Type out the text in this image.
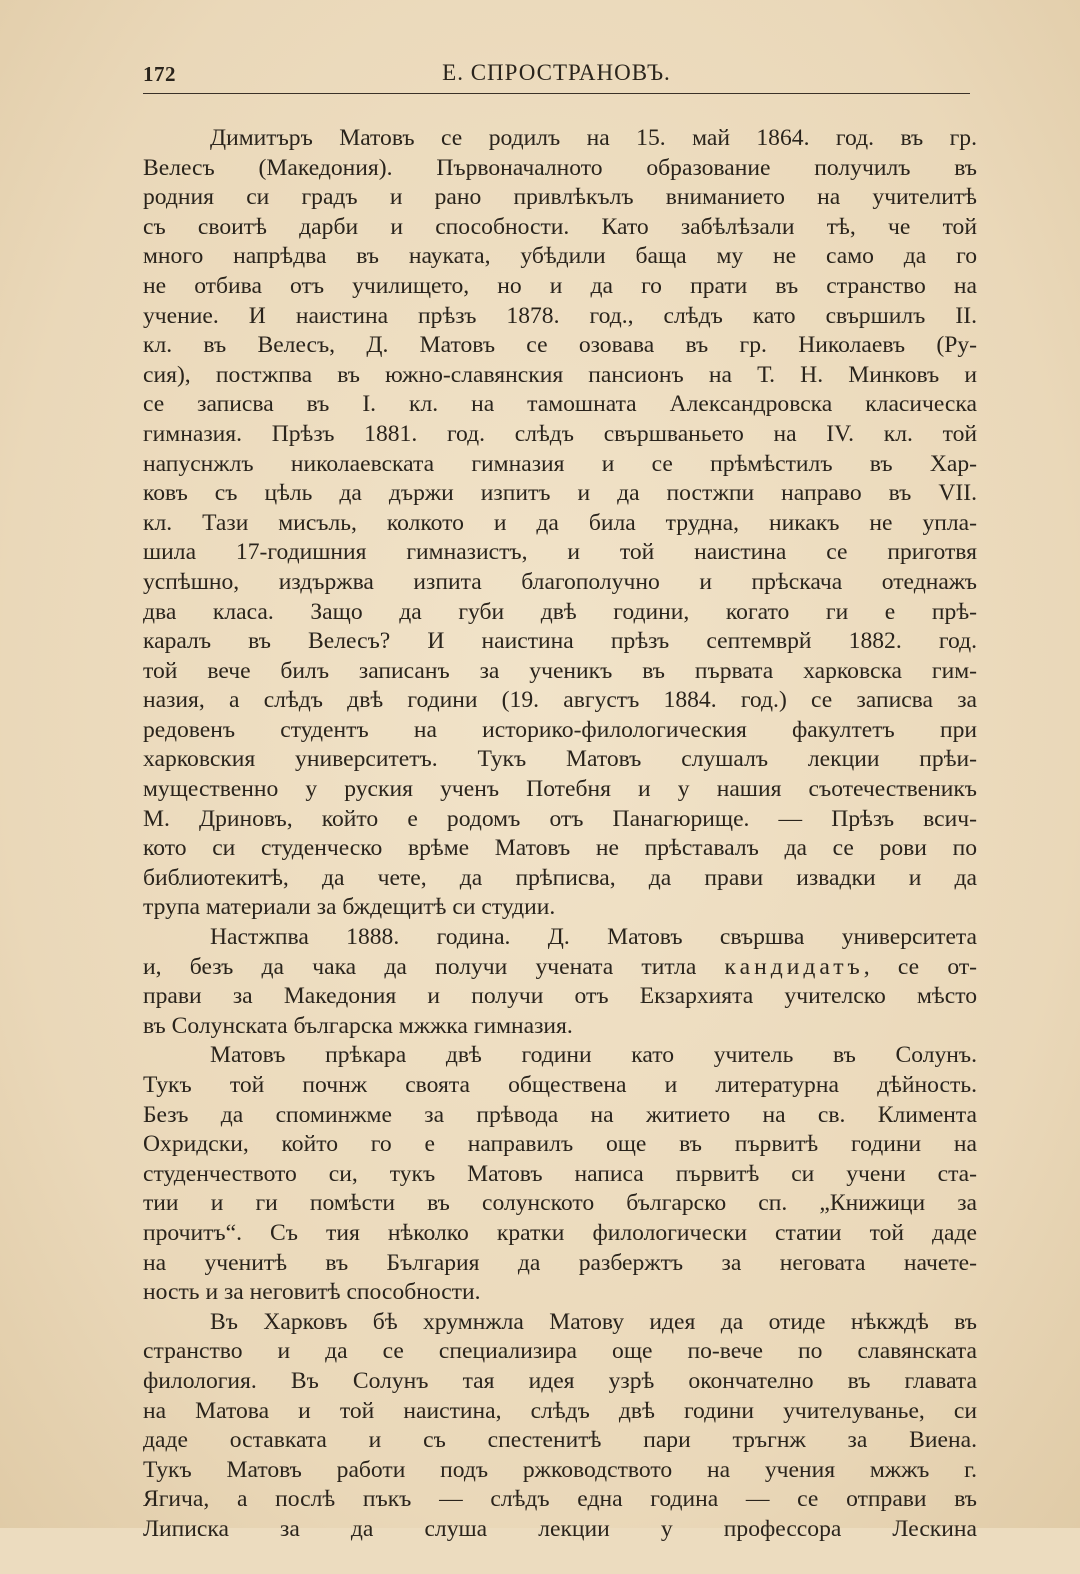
172	Е. СПРОСТРАНОВЪ.
Димитъръ Матовъ се родилъ на 15. май 1864. год. въ гр.
Велесъ (Македония). Първоначалното образование получилъ въ
родния си градъ и рано привлѣкълъ вниманието на учителитѣ
съ своитѣ дарби и способности. Като забѣлѣзали тѣ, че той
много напрѣдва въ науката, убѣдили баща му не само да го
не отбива отъ училището, но и да го прати въ странство на
учение. И наистина прѣзъ 1878. год., слѣдъ като свършилъ II.
кл. въ Велесъ, Д. Матовъ се озовава въ гр. Николаевъ (Ру-
сия), постжпва въ южно-славянския пансионъ на Т. Н. Минковъ и
се записва въ I. кл. на тамошната Александровска класическа
гимназия. Прѣзъ 1881. год. слѣдъ свършваньето на IV. кл. той
напуснжлъ николаевската гимназия и се прѣмѣстилъ въ Хар-
ковъ съ цѣль да държи изпитъ и да постжпи направо въ VII.
кл. Тази мисъль, колкото и да била трудна, никакъ не упла-
шила 17-годишния гимназистъ, и той наистина се приготвя
успѣшно, издържва изпита благополучно и прѣскача отеднажъ
два класа. Защо да губи двѣ години, когато ги е прѣ-
каралъ въ Велесъ? И наистина прѣзъ септемврй 1882. год.
той вече билъ записанъ за ученикъ въ първата харковска гим-
назия, а слѣдъ двѣ години (19. августъ 1884. год.) се записва за
редовенъ студентъ на историко-филологическия факултетъ при
харковския университетъ. Тукъ Матовъ слушалъ лекции прѣи-
мущественно у руския ученъ Потебня и у нашия съотечественикъ
М. Дриновъ, който е родомъ отъ Панагюрище. — Прѣзъ всич-
кото си студенческо врѣме Матовъ не прѣставалъ да се рови по
библиотекитѣ, да чете, да прѣписва, да прави извадки и да
трупа материали за бждещитѣ си студии.
Настжпва 1888. година. Д. Матовъ свършва университета
и, безъ да чака да получи учената титла кандидатъ, се от-
прави за Македония и получи отъ Екзархията учителско мѣсто
въ Солунската българска мжжка гимназия.
Матовъ прѣкара двѣ години като учитель въ Солунъ.
Тукъ той почнж своята обществена и литературна дѣйность.
Безъ да споминжме за прѣвода на житието на св. Климента
Охридски, който го е направилъ още въ първитѣ години на
студенчеството си, тукъ Матовъ написа първитѣ си учени ста-
тии и ги помѣсти въ солунското българско сп. „Книжици за
прочитъ“. Съ тия нѣколко кратки филологически статии той даде
на ученитѣ въ България да разбержтъ за неговата начете-
ность и за неговитѣ способности.
Въ Харковъ бѣ хрумнжла Матову идея да отиде нѣкждѣ въ
странство и да се специализира още по-вече по славянската
филология. Въ Солунъ тая идея узрѣ окончателно въ главата
на Матова и той наистина, слѣдъ двѣ години учителуванье, си
даде оставката и съ спестенитѣ пари тръгнж за Виена.
Тукъ Матовъ работи подъ ржководството на учения мжжъ г.
Ягича, а послѣ пъкъ — слѣдъ една година — се отправи въ
Липиска за да слуша лекции у профессора Лескина
